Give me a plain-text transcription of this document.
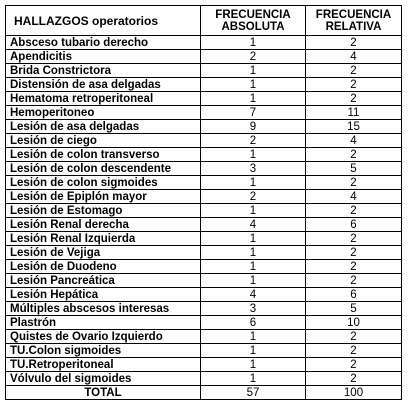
HALLAZGOS operatorios	FRECUENCIA ABSOLUTA	FRECUENCIA RELATIVA
Absceso tubario derecho	1	2
Apendicitis	2	4
Brida Constrictora	1	2
Distensión de asa delgadas	1	2
Hematoma retroperitoneal	1	2
Hemoperitoneo	7	11
Lesión de asa delgadas	9	15
Lesión de ciego	2	4
Lesión de colon transverso	1	2
Lesión de colon descendente	3	5
Lesión de colon sigmoides	1	2
Lesión de Epiplón mayor	2	4
Lesión de Estomago	1	2
Lesión Renal derecha	4	6
Lesión Renal Izquierda	1	2
Lesión de Vejiga	1	2
Lesión de Duodeno	1	2
Lesión Pancreática	1	2
Lesión Hepática	4	6
Múltiples abscesos interesas	3	5
Plastrón	6	10
Quistes de Ovario Izquierdo	1	2
TU.Colon sigmoides	1	2
TU.Retroperitoneal	1	2
Vólvulo del sigmoides	1	2
TOTAL	57	100
